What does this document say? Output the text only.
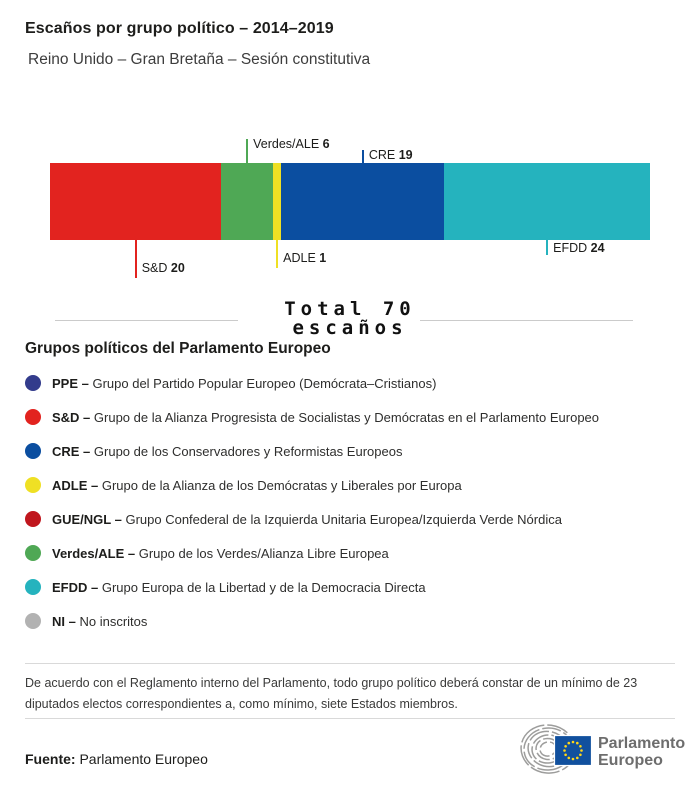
Escaños por grupo político – 2014–2019
Reino Unido – Gran Bretaña – Sesión constitutiva
S&D 20
Verdes/ALE 6
ADLE 1
CRE 19
EFDD 24
Total 70
escaños
Grupos políticos del Parlamento Europeo
PPE – Grupo del Partido Popular Europeo (Demócrata–Cristianos)
S&D – Grupo de la Alianza Progresista de Socialistas y Demócratas en el Parlamento Europeo
CRE – Grupo de los Conservadores y Reformistas Europeos
ADLE – Grupo de la Alianza de los Demócratas y Liberales por Europa
GUE/NGL – Grupo Confederal de la Izquierda Unitaria Europea/Izquierda Verde Nórdica
Verdes/ALE – Grupo de los Verdes/Alianza Libre Europea
EFDD – Grupo Europa de la Libertad y de la Democracia Directa
NI – No inscritos
De acuerdo con el Reglamento interno del Parlamento, todo grupo político deberá constar de un mínimo de 23 diputados electos correspondientes a, como mínimo, siete Estados miembros.
Fuente: Parlamento Europeo
Parlamento
Europeo
